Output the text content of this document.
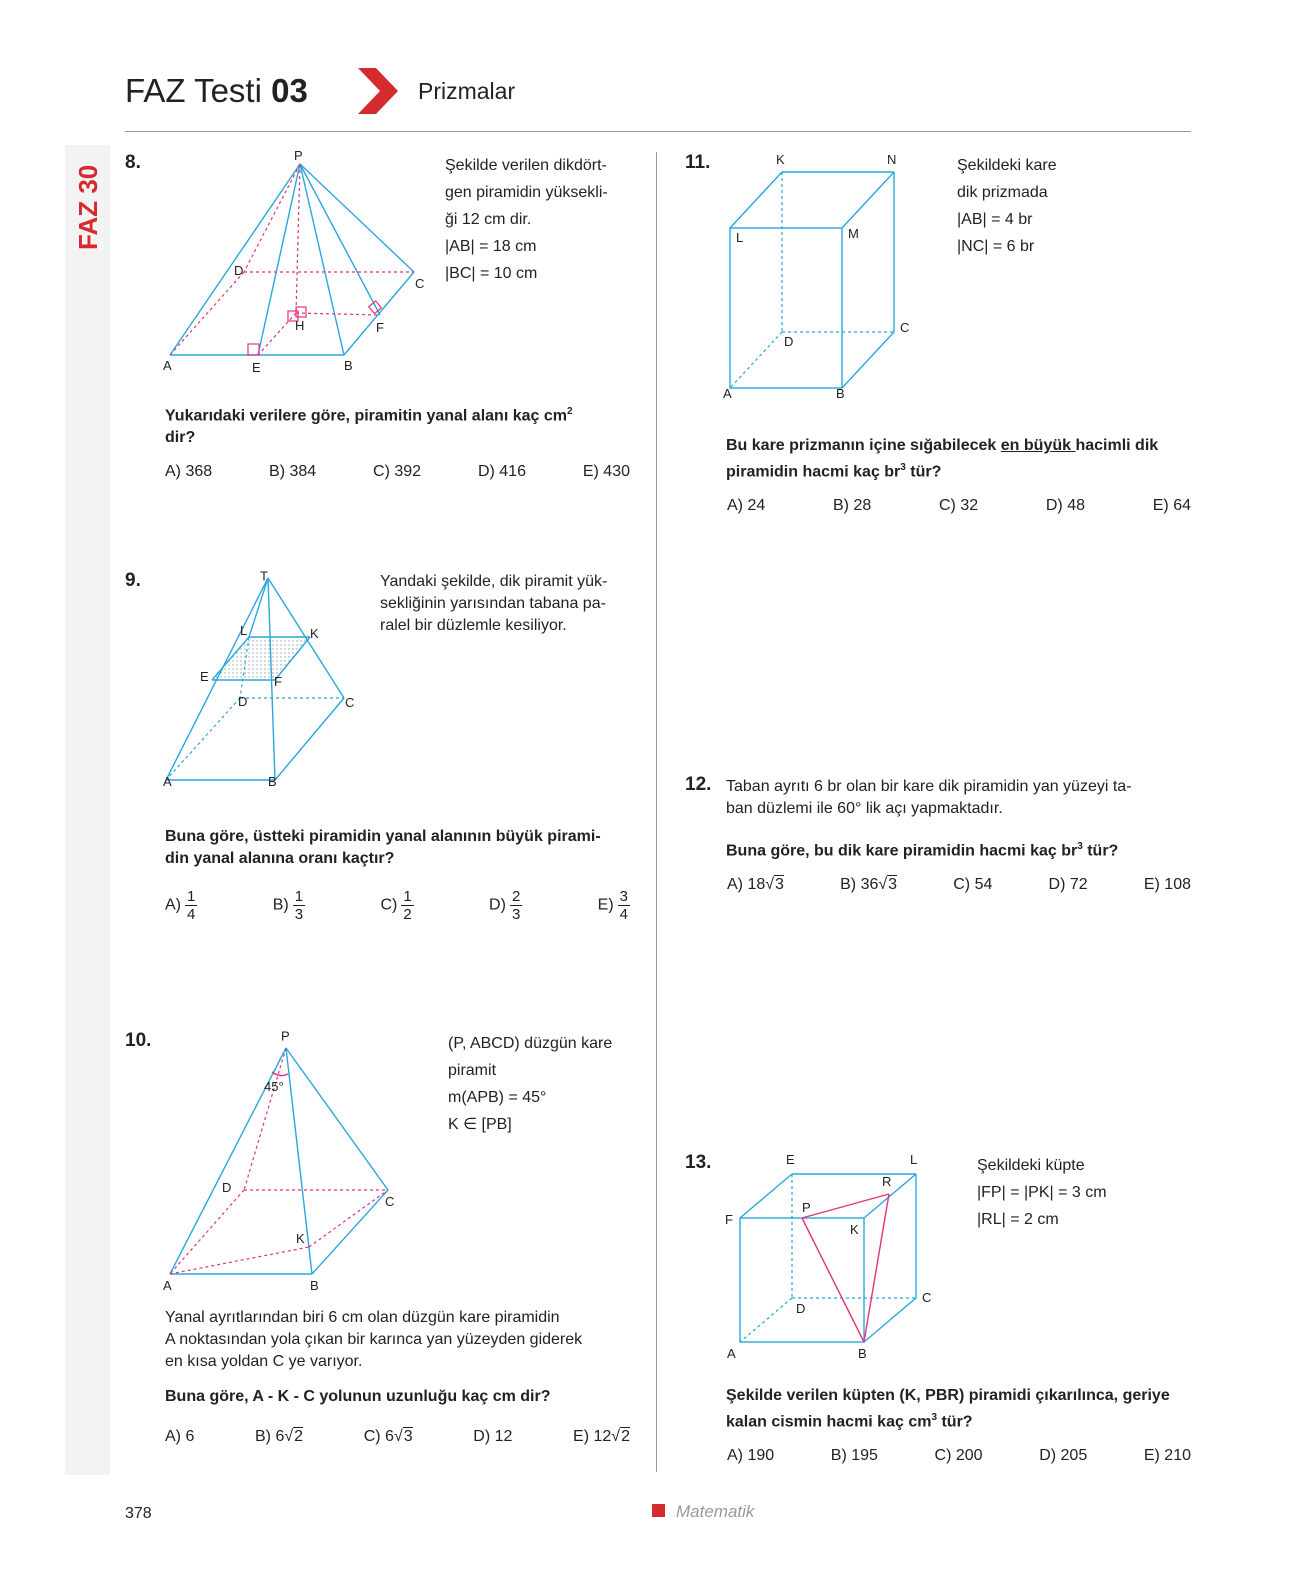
FAZ 30
FAZ Testi 03	Prizmalar
8.	P
D
C
H	F
A	E	B
Şekilde verilen dikdört-
gen piramidin yüksekli-
ği 12 cm dir.
|AB| = 18 cm
|BC| = 10 cm
Yukarıdaki verilere göre, piramitin yanal alanı kaç $cm^2$
dir?
A) 368	B) 384	C) 392	D) 416	E) 430
9.	T
L	K
E	F
D	C
A	B
Yandaki şekilde, dik piramit yük-
sekliğinin yarısından tabana pa-
ralel bir düzlemle kesiliyor.
Buna göre, üstteki piramidin yanal alanının büyük pirami-
din yanal alanına oranı kaçtır?
$A) \frac{1}{4}$	$B) \frac{1}{3}$	$C) \frac{1}{2}$	$D) \frac{2}{3}$	$E) \frac{3}{4}$
10.	P
45°
D
C
K
A	B
(P, ABCD) düzgün kare
piramit
m(APB) = 45°
K ∈ [PB]
Yanal ayrıtlarından biri 6 cm olan düzgün kare piramidin
A noktasından yola çıkan bir karınca yan yüzeyden giderek
en kısa yoldan C ye varıyor.
Buna göre, A - K - C yolunun uzunluğu kaç cm dir?
A) 6	B) 6√2	C) 6√3	D) 12	E) 12√2
11.	K	N
L	M
D
C
A	B
Şekildeki kare
dik prizmada
|AB| = 4 br
|NC| = 6 br
Bu kare prizmanın içine sığabilecek en büyük hacimli dik
piramidin hacmi kaç $br^3$ tür?
A) 24	B) 28	C) 32	D) 48	E) 64
12. Taban ayrıtı 6 br olan bir kare dik piramidin yan yüzeyi ta-
ban düzlemi ile 60° lik açı yapmaktadır.
Buna göre, bu dik kare piramidin hacmi kaç $br^3$ tür?
A) 18√3	B) 36√3	C) 54	D) 72	E) 108
13.	E	L
R
F
P
K
D
C
A	B
Şekildeki küpte
|FP| = |PK| = 3 cm
|RL| = 2 cm
Şekilde verilen küpten (K, PBR) piramidi çıkarılınca, geriye
kalan cismin hacmi kaç $cm^3$ tür?
A) 190	B) 195	C) 200	D) 205	E) 210
378	Matematik
